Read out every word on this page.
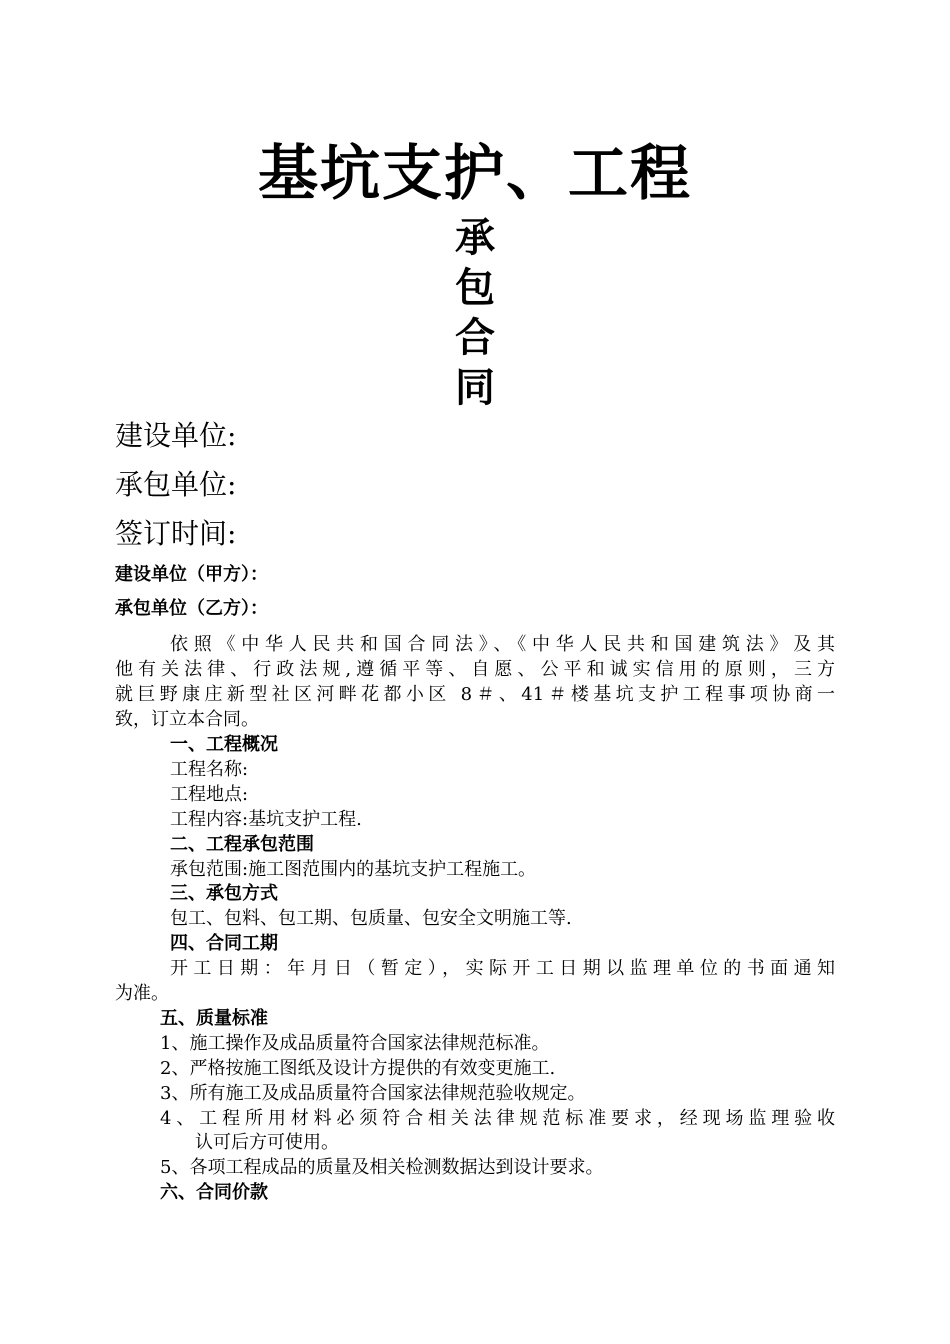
基坑支护、工程
承
包
合
同
建设单位:
承包单位:
签订时间:
建设单位（甲方）：
承包单位（乙方）：
依照《中华人民共和国合同法》、《中华人民共和国建筑法》及其
他有关法律、行政法规,遵循平等、自愿、公平和诚实信用的原则，三方
就巨野康庄新型社区河畔花都小区 8＃、41＃楼基坑支护工程事项协商一
致，订立本合同。
一、工程概况
工程名称:
工程地点:
工程内容:基坑支护工程.
二、工程承包范围
承包范围:施工图范围内的基坑支护工程施工。
三、承包方式
包工、包料、包工期、包质量、包安全文明施工等.
四、合同工期
开工日期：年月日（暂定），实际开工日期以监理单位的书面通知
为准。
五、质量标准
1、施工操作及成品质量符合国家法律规范标准。
2、严格按施工图纸及设计方提供的有效变更施工.
3、所有施工及成品质量符合国家法律规范验收规定。
4、工程所用材料必须符合相关法律规范标准要求，经现场监理验收
认可后方可使用。
5、各项工程成品的质量及相关检测数据达到设计要求。
六、合同价款
